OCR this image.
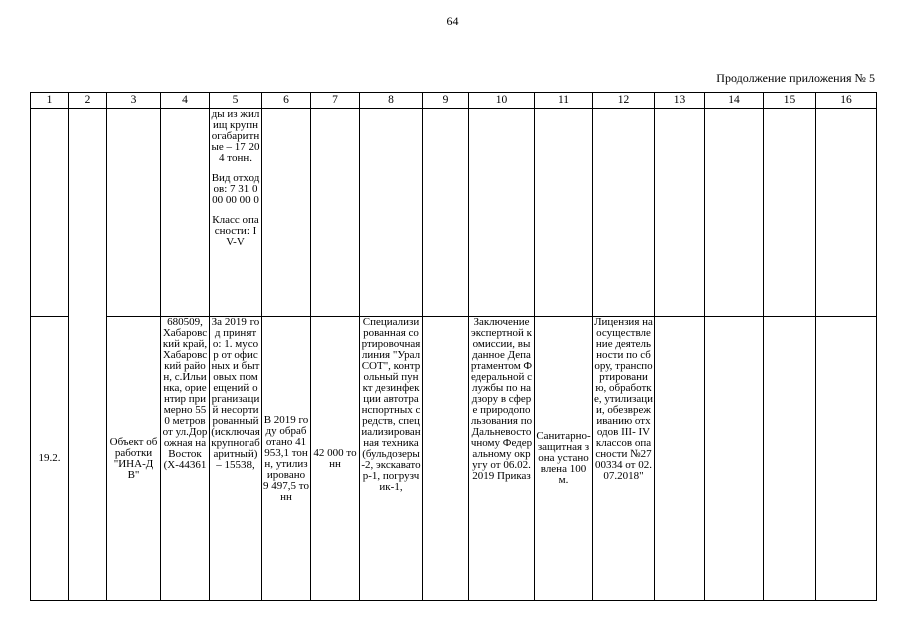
64
Продолжение приложения № 5
1	2	3	4	5	6	7	8	9	10	11	12	13	14	15	16

				ды из жилищ крупногабаритные – 17 204 тонн.
Вид отходов: 7 31 000 00 00 0
Класс опасности: IV-V											

19.2.		Объект обработки "ИНА-ДВ"	680509, Хабаровский край, Хабаровский район, с.Ильинка, ориентир примерно 550 метров от ул.Дорожная на Восток (X-44361	За 2019 год принято: 1. мусор от офисных и бытовых помещений организаций несортированный (исключая крупногабаритный) – 15538,	В 2019 году обработано 41 953,1 тонн, утилизировано 9 497,5 тонн	42 000 тонн	Специализированная сортировочная линия "Урал СОТ", контрольный пункт дезинфекции автотранспортных средств, специализированная техника (бульдозеры-2, экскаватор-1, погрузчик-1,		Заключение экспертной комиссии, выданное Департаментом Федеральной службы по надзору в сфере природопользования по Дальневосточному Федеральному округу от 06.02.2019 Приказ	Санитарно-защитная зона установлена 100м.	Лицензия на осуществление деятельности по сбору, транспортированию, обработке, утилизации, обезвреживанию отходов III- IV классов опасности №27 00334 от 02.07.2018"				
